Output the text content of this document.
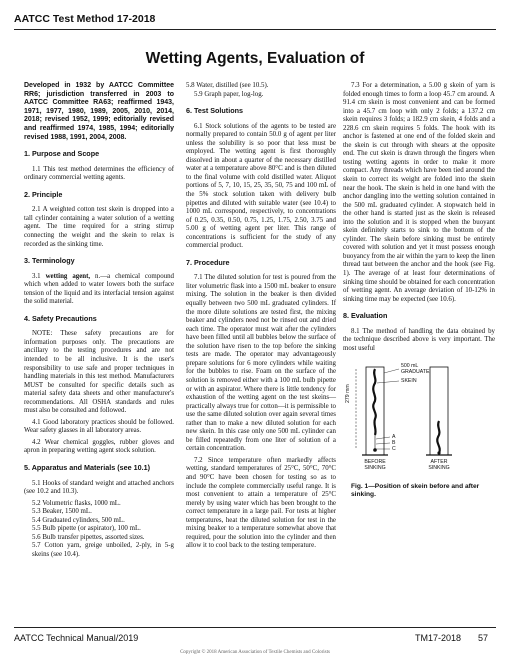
AATCC Test Method 17-2018
Wetting Agents, Evaluation of

Developed in 1932 by AATCC Committee RR6; jurisdiction transferred in 2003 to AATCC Committee RA63; reaffirmed 1943, 1971, 1977, 1980, 1989, 2005, 2010, 2014, 2018; revised 1952, 1999; editorially revised and reaffirmed 1974, 1985, 1994; editorially revised 1988, 1991, 2004, 2008.

1. Purpose and Scope

1.1 This test method determines the efficiency of ordinary commercial wetting agents.

2. Principle

2.1 A weighted cotton test skein is dropped into a tall cylinder containing a water solution of a wetting agent. The time required for a string stirrup connecting the weight and the skein to relax is recorded as the sinking time.

3. Terminology

3.1 wetting agent, n.—a chemical compound which when added to water lowers both the surface tension of the liquid and its interfacial tension against the solid material.

4. Safety Precautions

NOTE: These safety precautions are for information purposes only. The precautions are ancillary to the testing procedures and are not intended to be all inclusive. It is the user's responsibility to use safe and proper techniques in handling materials in this test method. Manufacturers MUST be consulted for specific details such as material safety data sheets and other manufacturer's recommendations. All OSHA standards and rules must also be consulted and followed.

4.1 Good laboratory practices should be followed. Wear safety glasses in all laboratory areas.

4.2 Wear chemical goggles, rubber gloves and apron in preparing wetting agent stock solution.

5. Apparatus and Materials (see 10.1)

5.1 Hooks of standard weight and attached anchors (see 10.2 and 10.3).

5.2 Volumetric flasks, 1000 mL.

5.3 Beaker, 1500 mL.

5.4 Graduated cylinders, 500 mL.

5.5 Bulb pipette (or aspirator), 100 mL.

5.6 Bulb transfer pipettes, assorted sizes.

5.7 Cotton yarn, greige unboiled, 2-ply, in 5-g skeins (see 10.4).

5.8 Water, distilled (see 10.5).

5.9 Graph paper, log-log.

6. Test Solutions

6.1 Stock solutions of the agents to be tested are normally prepared to contain 50.0 g of agent per liter unless the solubility is so poor that less must be employed. The wetting agent is first thoroughly dissolved in about a quarter of the necessary distilled water at a temperature above 80°C and is then diluted to the final volume with cold distilled water. Aliquot portions of 5, 7, 10, 15, 25, 35, 50, 75 and 100 mL of the 5% stock solution taken with delivery bulb pipettes and diluted with suitable water (see 10.4) to 1000 mL correspond, respectively, to concentrations of 0.25, 0.35, 0.50, 0.75, 1.25, 1.75, 2.50, 3.75 and 5.00 g of wetting agent per liter. This range of concentrations is sufficient for the study of any commercial product.

7. Procedure

7.1 The diluted solution for test is poured from the liter volumetric flask into a 1500 mL beaker to ensure mixing. The solution in the beaker is then divided equally between two 500 mL graduated cylinders. If the more dilute solutions are tested first, the mixing beaker and cylinders need not be rinsed out and dried each time. The operator must wait after the cylinders have been filled until all bubbles below the surface of the solution have risen to the top before the sinking tests are made. The operator may advantageously prepare solutions for 6 more cylinders while waiting for the bubbles to rise. Foam on the surface of the solution is removed either with a 100 mL bulb pipette or with an aspirator. Where there is little tendency for exhaustion of the wetting agent on the test skeins—practically always true for cotton—it is permissible to use the same diluted solution over again several times rather than to make a new diluted solution for each new skein. In this case only one 500 mL cylinder can be filled repeatedly from one liter of solution of a certain concentration.

7.2 Since temperature often markedly affects wetting, standard temperatures of 25°C, 50°C, 70°C and 90°C have been chosen for testing so as to include the complete commercially useful range. It is most convenient to attain a temperature of 25°C merely by using water which has been brought to the correct temperature in a large pail. For tests at higher temperatures, heat the diluted solution for test in the mixing beaker to a temperature somewhat above that required, pour the solution into the cylinder and then allow it to cool back to the testing temperature.

7.3 For a determination, a 5.00 g skein of yarn is folded enough times to form a loop 45.7 cm around. A 91.4 cm skein is most convenient and can be formed into a 45.7 cm loop with only 2 folds; a 137.2 cm skein requires 3 folds; a 182.9 cm skein, 4 folds and a 228.6 cm skein requires 5 folds. The hook with its anchor is fastened at one end of the folded skein and the skein is cut through with shears at the opposite end. The cut skein is drawn through the fingers when testing wetting agents in order to make it more compact. Any threads which have been tied around the skein to correct its weight are folded into the skein near the hook. The skein is held in one hand with the anchor dangling into the wetting solution contained in the 500 mL graduated cylinder. A stopwatch held in the other hand is started just as the skein is released into the solution and it is stopped when the buoyant skein definitely starts to sink to the bottom of the cylinder. The skein before sinking must be entirely covered with solution and yet it must possess enough buoyancy from the air within the yarn to keep the linen thread taut between the anchor and the hook (see Fig. 1). The average of at least four determinations of sinking time should be obtained for each concentration of wetting agent. An average deviation of 10-12% in sinking time may be expected (see 10.6).

8. Evaluation

8.1 The method of handling the data obtained by the technique described above is very important. The most useful

500 mL GRADUATE
SKEIN
279 mm
A
B
C
BEFORE SINKING
AFTER SINKING
Fig. 1—Position of skein before and after sinking.
AATCC Technical Manual/2019	TM17-2018 57
Copyright © 2018 American Association of Textile Chemists and Colorists
